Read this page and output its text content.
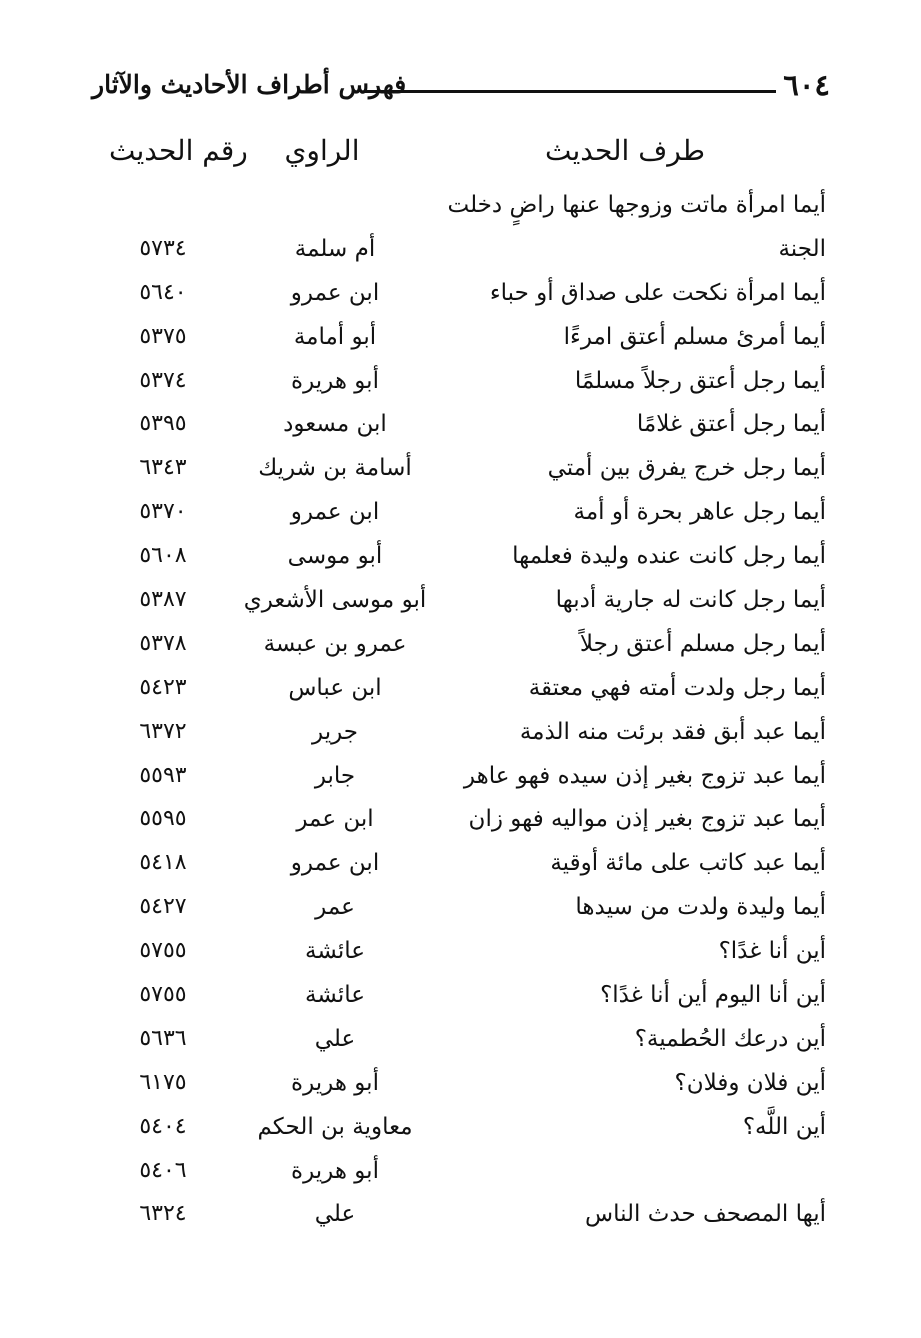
٦٠٤
فهرس أطراف الأحاديث والآثار
طرف الحديث
الراوي
رقم الحديث
أيما امرأة ماتت وزوجها عنها راضٍ دخلت
الجنة
أم سلمة
٥٧٣٤
أيما امرأة نكحت على صداق أو حباء
ابن عمرو
٥٦٤٠
أيما أمرئ مسلم أعتق امرءًا
أبو أمامة
٥٣٧٥
أيما رجل أعتق رجلاً مسلمًا
أبو هريرة
٥٣٧٤
أيما رجل أعتق غلامًا
ابن مسعود
٥٣٩٥
أيما رجل خرج يفرق بين أمتي
أسامة بن شريك
٦٣٤٣
أيما رجل عاهر بحرة أو أمة
ابن عمرو
٥٣٧٠
أيما رجل كانت عنده وليدة فعلمها
أبو موسى
٥٦٠٨
أيما رجل كانت له جارية أدبها
أبو موسى الأشعري
٥٣٨٧
أيما رجل مسلم أعتق رجلاً
عمرو بن عبسة
٥٣٧٨
أيما رجل ولدت أمته فهي معتقة
ابن عباس
٥٤٢٣
أيما عبد أبق فقد برئت منه الذمة
جرير
٦٣٧٢
أيما عبد تزوج بغير إذن سيده فهو عاهر
جابر
٥٥٩٣
أيما عبد تزوج بغير إذن مواليه فهو زان
ابن عمر
٥٥٩٥
أيما عبد كاتب على مائة أوقية
ابن عمرو
٥٤١٨
أيما وليدة ولدت من سيدها
عمر
٥٤٢٧
أين أنا غدًا؟
عائشة
٥٧٥٥
أين أنا اليوم أين أنا غدًا؟
عائشة
٥٧٥٥
أين درعك الحُطمية؟
علي
٥٦٣٦
أين فلان وفلان؟
أبو هريرة
٦١٧٥
أين اللَّه؟
معاوية بن الحكم
٥٤٠٤
أبو هريرة
٥٤٠٦
أيها المصحف حدث الناس
علي
٦٣٢٤
